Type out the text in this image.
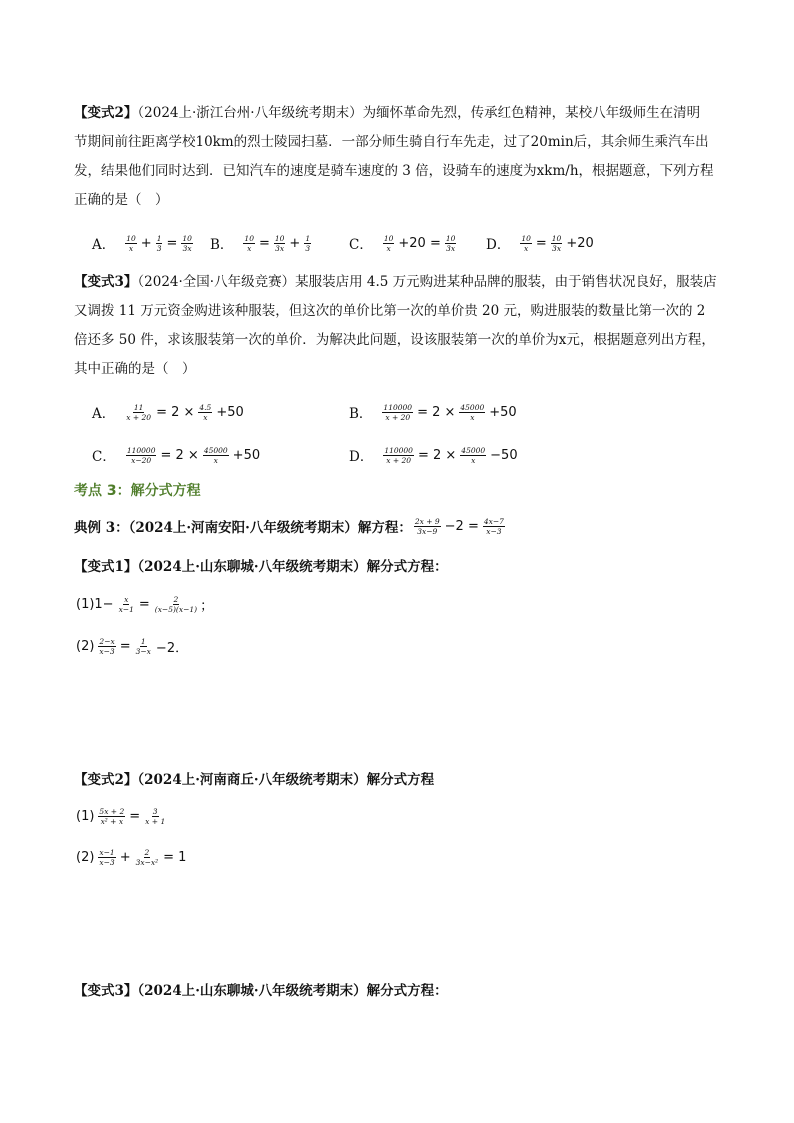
【变式2】（2024上·浙江台州·八年级统考期末）为缅怀革命先烈，传承红色精神，某校八年级师生在清明
节期间前往距离学校10km的烈士陵园扫墓．一部分师生骑自行车先走，过了20min后，其余师生乘汽车出
发，结果他们同时达到．已知汽车的速度是骑车速度的 3 倍，设骑车的速度为xkm/h，根据题意，下列方程
正确的是（　）
A． $\frac{10}{x} + \frac{1}{3} = \frac{10}{3x}$ B． $\frac{10}{x} = \frac{10}{3x} + \frac{1}{3}$	C． $\frac{10}{x} +20 = \frac{10}{3x}$ D． $\frac{10}{x} = \frac{10}{3x} +20$
【变式3】（2024·全国·八年级竞赛）某服装店用 4.5 万元购进某种品牌的服装，由于销售状况良好，服装店
又调拨 11 万元资金购进该种服装，但这次的单价比第一次的单价贵 20 元，购进服装的数量比第一次的 2
倍还多 50 件，求该服装第一次的单价．为解决此问题，设该服装第一次的单价为x元，根据题意列出方程，
其中正确的是（　）
A． $\frac{11}{x + 20} = 2 \times \frac{4.5}{x} +50$	B． $\frac{110000}{x + 20} = 2 \times \frac{45000}{x} +50$
C． $\frac{110000}{x-20} = 2 \times \frac{45000}{x} +50$	D． $\frac{110000}{x + 20} = 2 \times \frac{45000}{x} -50$
考点 3：解分式方程
典例 3：（2024上·河南安阳·八年级统考期末）解方程： $\frac{2x + 9}{3x-9} -2 = \frac{4x-7}{x-3}$
【变式1】（2024上·山东聊城·八年级统考期末）解分式方程：
$(1)1- \frac{x}{x-1} = \frac{2}{(x-5)(x-1)}$ ；
$(2) \frac{2-x}{x-3} = \frac{1}{3-x} -2$．
【变式2】（2024上·河南商丘·八年级统考期末）解分式方程
$(1) \frac{5x + 2}{\text{x² + x}} = \frac{3}{x + 1}$
$(2) \frac{x-1}{x-3} + \frac{2}{\text{3x−x²}} = 1$
【变式3】（2024上·山东聊城·八年级统考期末）解分式方程：
